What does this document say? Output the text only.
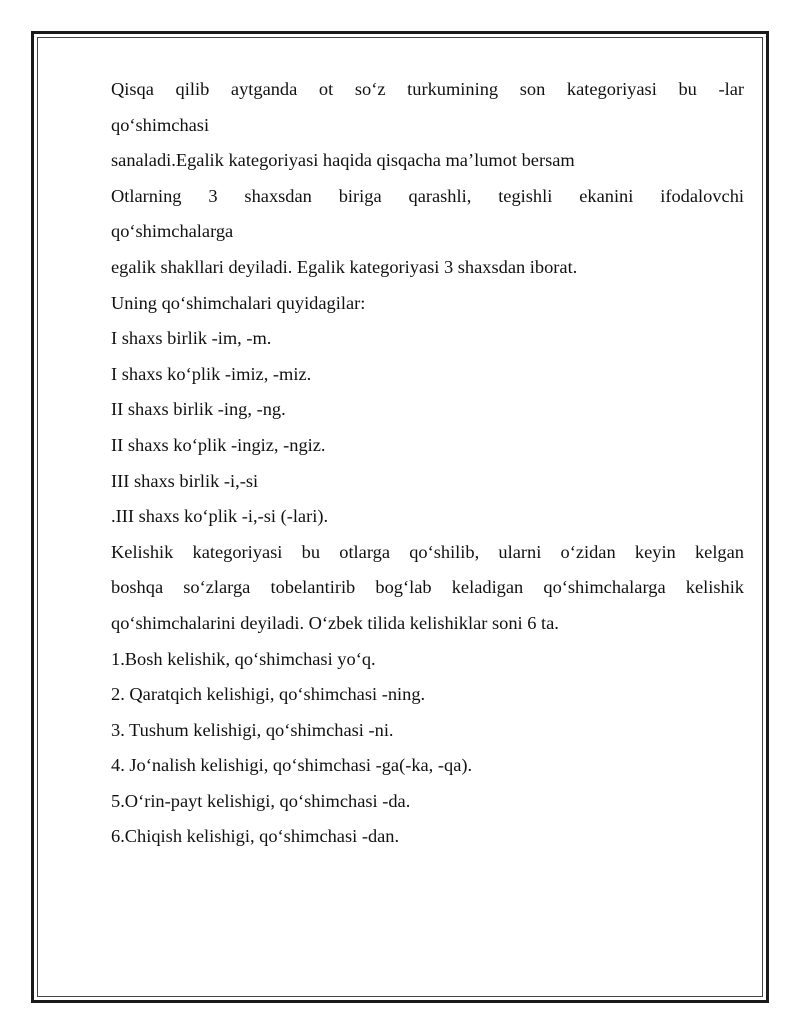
Qisqa qilib aytganda ot so‘z turkumining son kategoriyasi bu -lar

qo‘shimchasi

sanaladi.Egalik kategoriyasi haqida qisqacha ma’lumot bersam

Otlarning 3 shaxsdan biriga qarashli, tegishli ekanini ifodalovchi

qo‘shimchalarga

egalik shakllari deyiladi. Egalik kategoriyasi 3 shaxsdan iborat.

Uning qo‘shimchalari quyidagilar:

I shaxs birlik -im, -m.

I shaxs ko‘plik -imiz, -miz.

II shaxs birlik -ing, -ng.

II shaxs ko‘plik -ingiz, -ngiz.

III shaxs birlik -i,-si

.III shaxs ko‘plik -i,-si (-lari).

Kelishik kategoriyasi bu otlarga qo‘shilib, ularni o‘zidan keyin kelgan

boshqa so‘zlarga tobelantirib bog‘lab keladigan qo‘shimchalarga kelishik

qo‘shimchalarini deyiladi. O‘zbek tilida kelishiklar soni 6 ta.

1.Bosh kelishik, qo‘shimchasi yo‘q.

2. Qaratqich kelishigi, qo‘shimchasi -ning.

3. Tushum kelishigi, qo‘shimchasi -ni.

4. Jo‘nalish kelishigi, qo‘shimchasi -ga(-ka, -qa).

5.O‘rin-payt kelishigi, qo‘shimchasi -da.

6.Chiqish kelishigi, qo‘shimchasi -dan.
